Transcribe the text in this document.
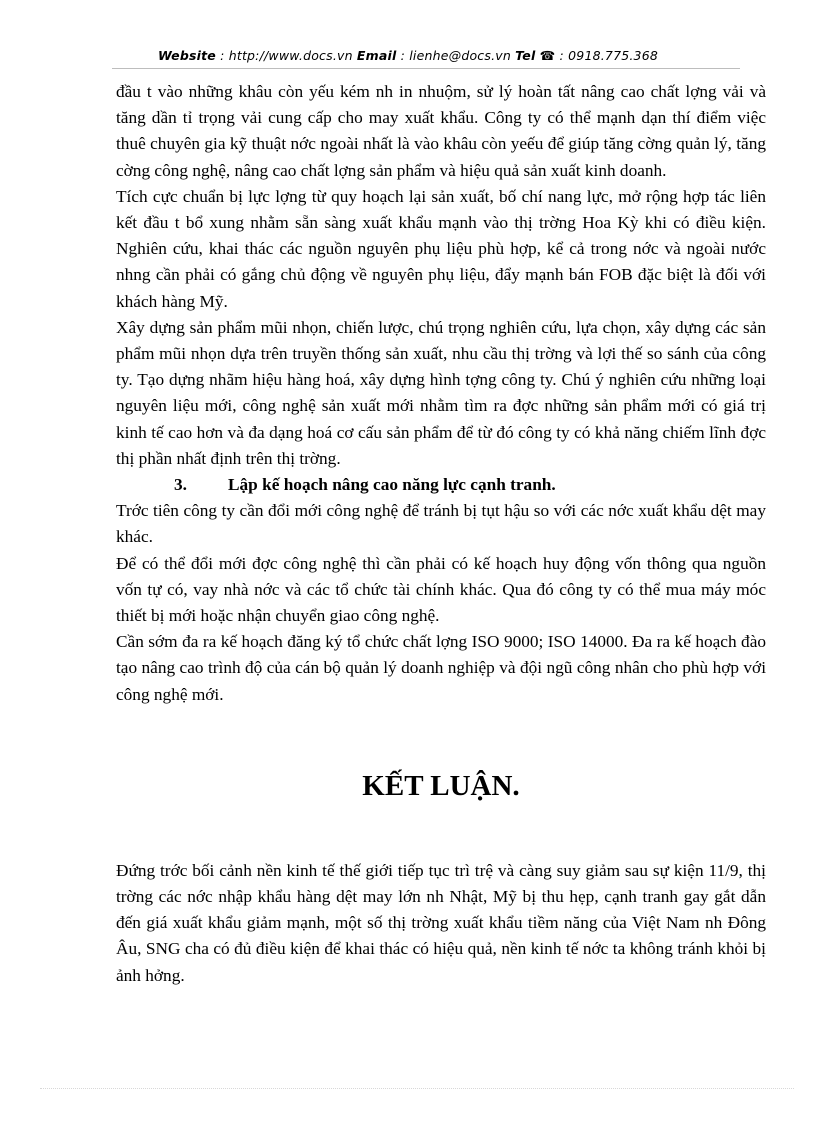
Website : http://www.docs.vn Email : lienhe@docs.vn Tel ☎ : 0918.775.368

đầu t vào những khâu còn yếu kém nh in nhuộm, sử lý hoàn tất nâng cao chất lợng vải và tăng dần tỉ trọng vải cung cấp cho may xuất khẩu. Công ty có thể mạnh dạn thí điểm việc thuê chuyên gia kỹ thuật nớc ngoài nhất là vào khâu còn yeếu để giúp tăng cờng quản lý, tăng cờng công nghệ, nâng cao chất lợng sản phẩm và hiệu quả sản xuất kinh doanh.

Tích cực chuẩn bị lực lợng từ quy hoạch lại sản xuất, bố chí nang lực, mở rộng hợp tác liên kết đầu t bổ xung nhằm sẵn sàng xuất khẩu mạnh vào thị trờng Hoa Kỳ khi có điều kiện. Nghiên cứu, khai thác các nguồn nguyên phụ liệu phù hợp, kể cả trong nớc và ngoài nước nhng cần phải có gắng chủ động về nguyên phụ liệu, đẩy mạnh bán FOB đặc biệt là đối với khách hàng Mỹ.

Xây dựng sản phẩm mũi nhọn, chiến lược, chú trọng nghiên cứu, lựa chọn, xây dựng các sản phẩm mũi nhọn dựa trên truyền thống sản xuất, nhu cầu thị trờng và lợi thế so sánh của công ty. Tạo dựng nhãm hiệu hàng hoá, xây dựng hình tợng công ty. Chú ý nghiên cứu những loại nguyên liệu mới, công nghệ sản xuất mới nhằm tìm ra đợc những sản phẩm mới có giá trị kinh tế cao hơn và đa dạng hoá cơ cấu sản phẩm để từ đó công ty có khả năng chiếm lĩnh đợc thị phần nhất định trên thị trờng.

3. Lập kế hoạch nâng cao năng lực cạnh tranh.

Trớc tiên công ty cần đổi mới công nghệ để tránh bị tụt hậu so với các nớc xuất khẩu dệt may khác.

Để có thể đổi mới đợc công nghệ thì cần phải có kế hoạch huy động vốn thông qua nguồn vốn tự có, vay nhà nớc và các tổ chức tài chính khác. Qua đó công ty có thể mua máy móc thiết bị mới hoặc nhận chuyển giao công nghệ.

Cần sớm đa ra kế hoạch đăng ký tổ chức chất lợng ISO 9000; ISO 14000. Đa ra kế hoạch đào tạo nâng cao trình độ của cán bộ quản lý doanh nghiệp và đội ngũ công nhân cho phù hợp với công nghệ mới.

KẾT LUẬN.

Đứng trớc bối cảnh nền kinh tế thế giới tiếp tục trì trệ và càng suy giảm sau sự kiện 11/9, thị trờng các nớc nhập khẩu hàng dệt may lớn nh Nhật, Mỹ bị thu hẹp, cạnh tranh gay gắt dẫn đến giá xuất khẩu giảm mạnh, một số thị trờng xuất khẩu tiềm năng của Việt Nam nh Đông Âu, SNG cha có đủ điều kiện để khai thác có hiệu quả, nền kinh tế nớc ta không tránh khỏi bị ảnh hởng.
